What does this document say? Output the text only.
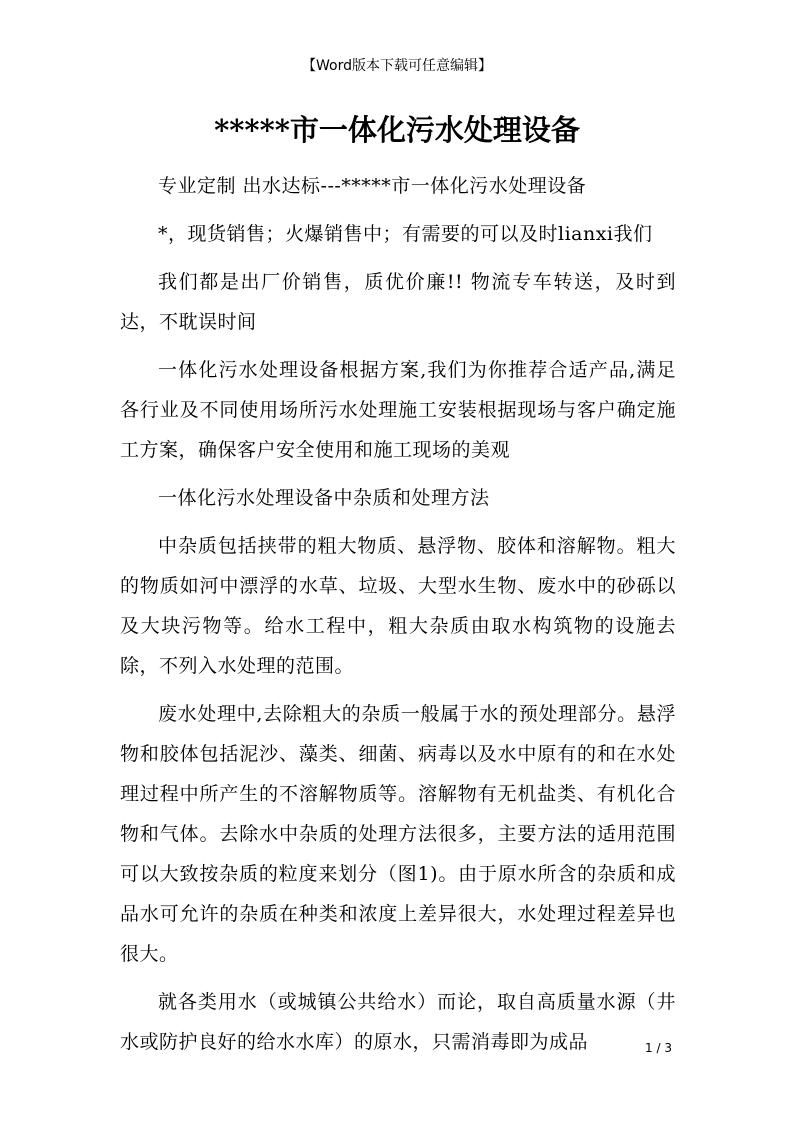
【Word版本下载可任意编辑】
*****市一体化污水处理设备

专业定制 出水达标---*****市一体化污水处理设备

*，现货销售；火爆销售中；有需要的可以及时lianxi我们

我们都是出厂价销售，质优价廉!! 物流专车转送，及时到达，不耽误时间

一体化污水处理设备根据方案,我们为你推荐合适产品,满足各行业及不同使用场所污水处理施工安装根据现场与客户确定施工方案，确保客户安全使用和施工现场的美观

一体化污水处理设备中杂质和处理方法

中杂质包括挟带的粗大物质、悬浮物、胶体和溶解物。粗大的物质如河中漂浮的水草、垃圾、大型水生物、废水中的砂砾以及大块污物等。给水工程中，粗大杂质由取水构筑物的设施去除，不列入水处理的范围。

废水处理中,去除粗大的杂质一般属于水的预处理部分。悬浮物和胶体包括泥沙、藻类、细菌、病毒以及水中原有的和在水处理过程中所产生的不溶解物质等。溶解物有无机盐类、有机化合物和气体。去除水中杂质的处理方法很多，主要方法的适用范围可以大致按杂质的粒度来划分（图1)。由于原水所含的杂质和成品水可允许的杂质在种类和浓度上差异很大，水处理过程差异也很大。

就各类用水（或城镇公共给水）而论，取自高质量水源（井水或防护良好的给水水库）的原水，只需消毒即为成品	1 / 3
